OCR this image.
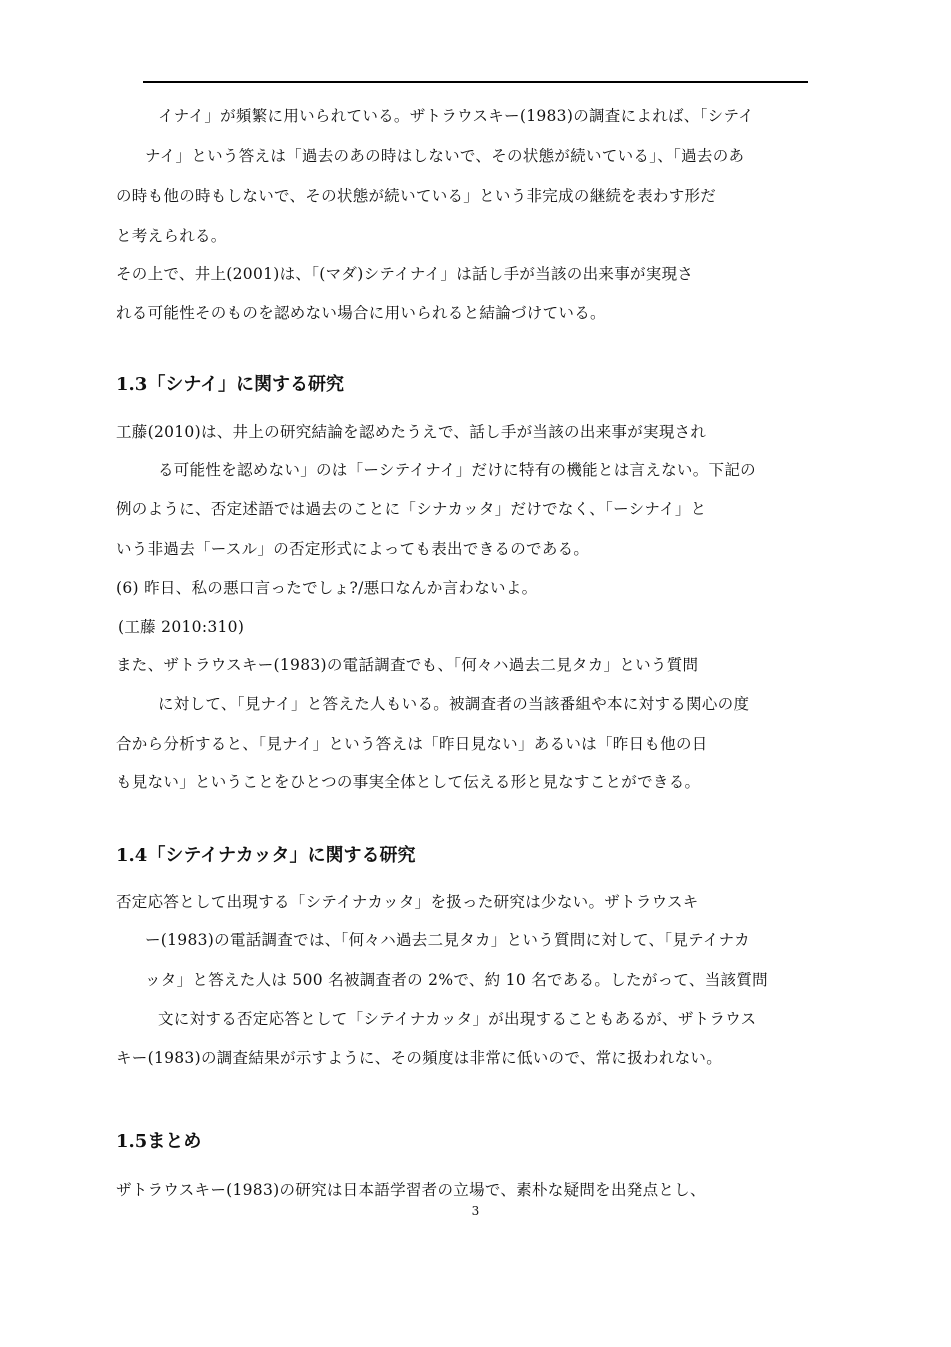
イナイ」が頻繁に用いられている。ザトラウスキー(1983)の調査によれば、「シテイ
ナイ」という答えは「過去のあの時はしないで、その状態が続いている」、「過去のあ
の時も他の時もしないで、その状態が続いている」という非完成の継続を表わす形だ
と考えられる。
その上で、井上(2001)は、「(マダ)シテイナイ」は話し手が当該の出来事が実現さ
れる可能性そのものを認めない場合に用いられると結論づけている。
1.3「シナイ」に関する研究
工藤(2010)は、井上の研究結論を認めたうえで、話し手が当該の出来事が実現され
る可能性を認めない」のは「ーシテイナイ」だけに特有の機能とは言えない。下記の
例のように、否定述語では過去のことに「シナカッタ」だけでなく、「ーシナイ」と
いう非過去「ースル」の否定形式によっても表出できるのである。
(6) 昨日、私の悪口言ったでしょ?/悪口なんか言わないよ。
(工藤 2010:310)
また、ザトラウスキー(1983)の電話調査でも、「何々ハ過去二見タカ」という質問
に対して、「見ナイ」と答えた人もいる。被調査者の当該番組や本に対する関心の度
合から分析すると、「見ナイ」という答えは「昨日見ない」あるいは「昨日も他の日
も見ない」ということをひとつの事実全体として伝える形と見なすことができる。
1.4「シテイナカッタ」に関する研究
否定応答として出現する「シテイナカッタ」を扱った研究は少ない。ザトラウスキ
ー(1983)の電話調査では、「何々ハ過去二見タカ」という質問に対して、「見テイナカ
ッタ」と答えた人は 500 名被調査者の 2%で、約 10 名である。したがって、当該質問
文に対する否定応答として「シテイナカッタ」が出現することもあるが、ザトラウス
キー(1983)の調査結果が示すように、その頻度は非常に低いので、常に扱われない。
1.5まとめ
ザトラウスキー(1983)の研究は日本語学習者の立場で、素朴な疑問を出発点とし、
3
